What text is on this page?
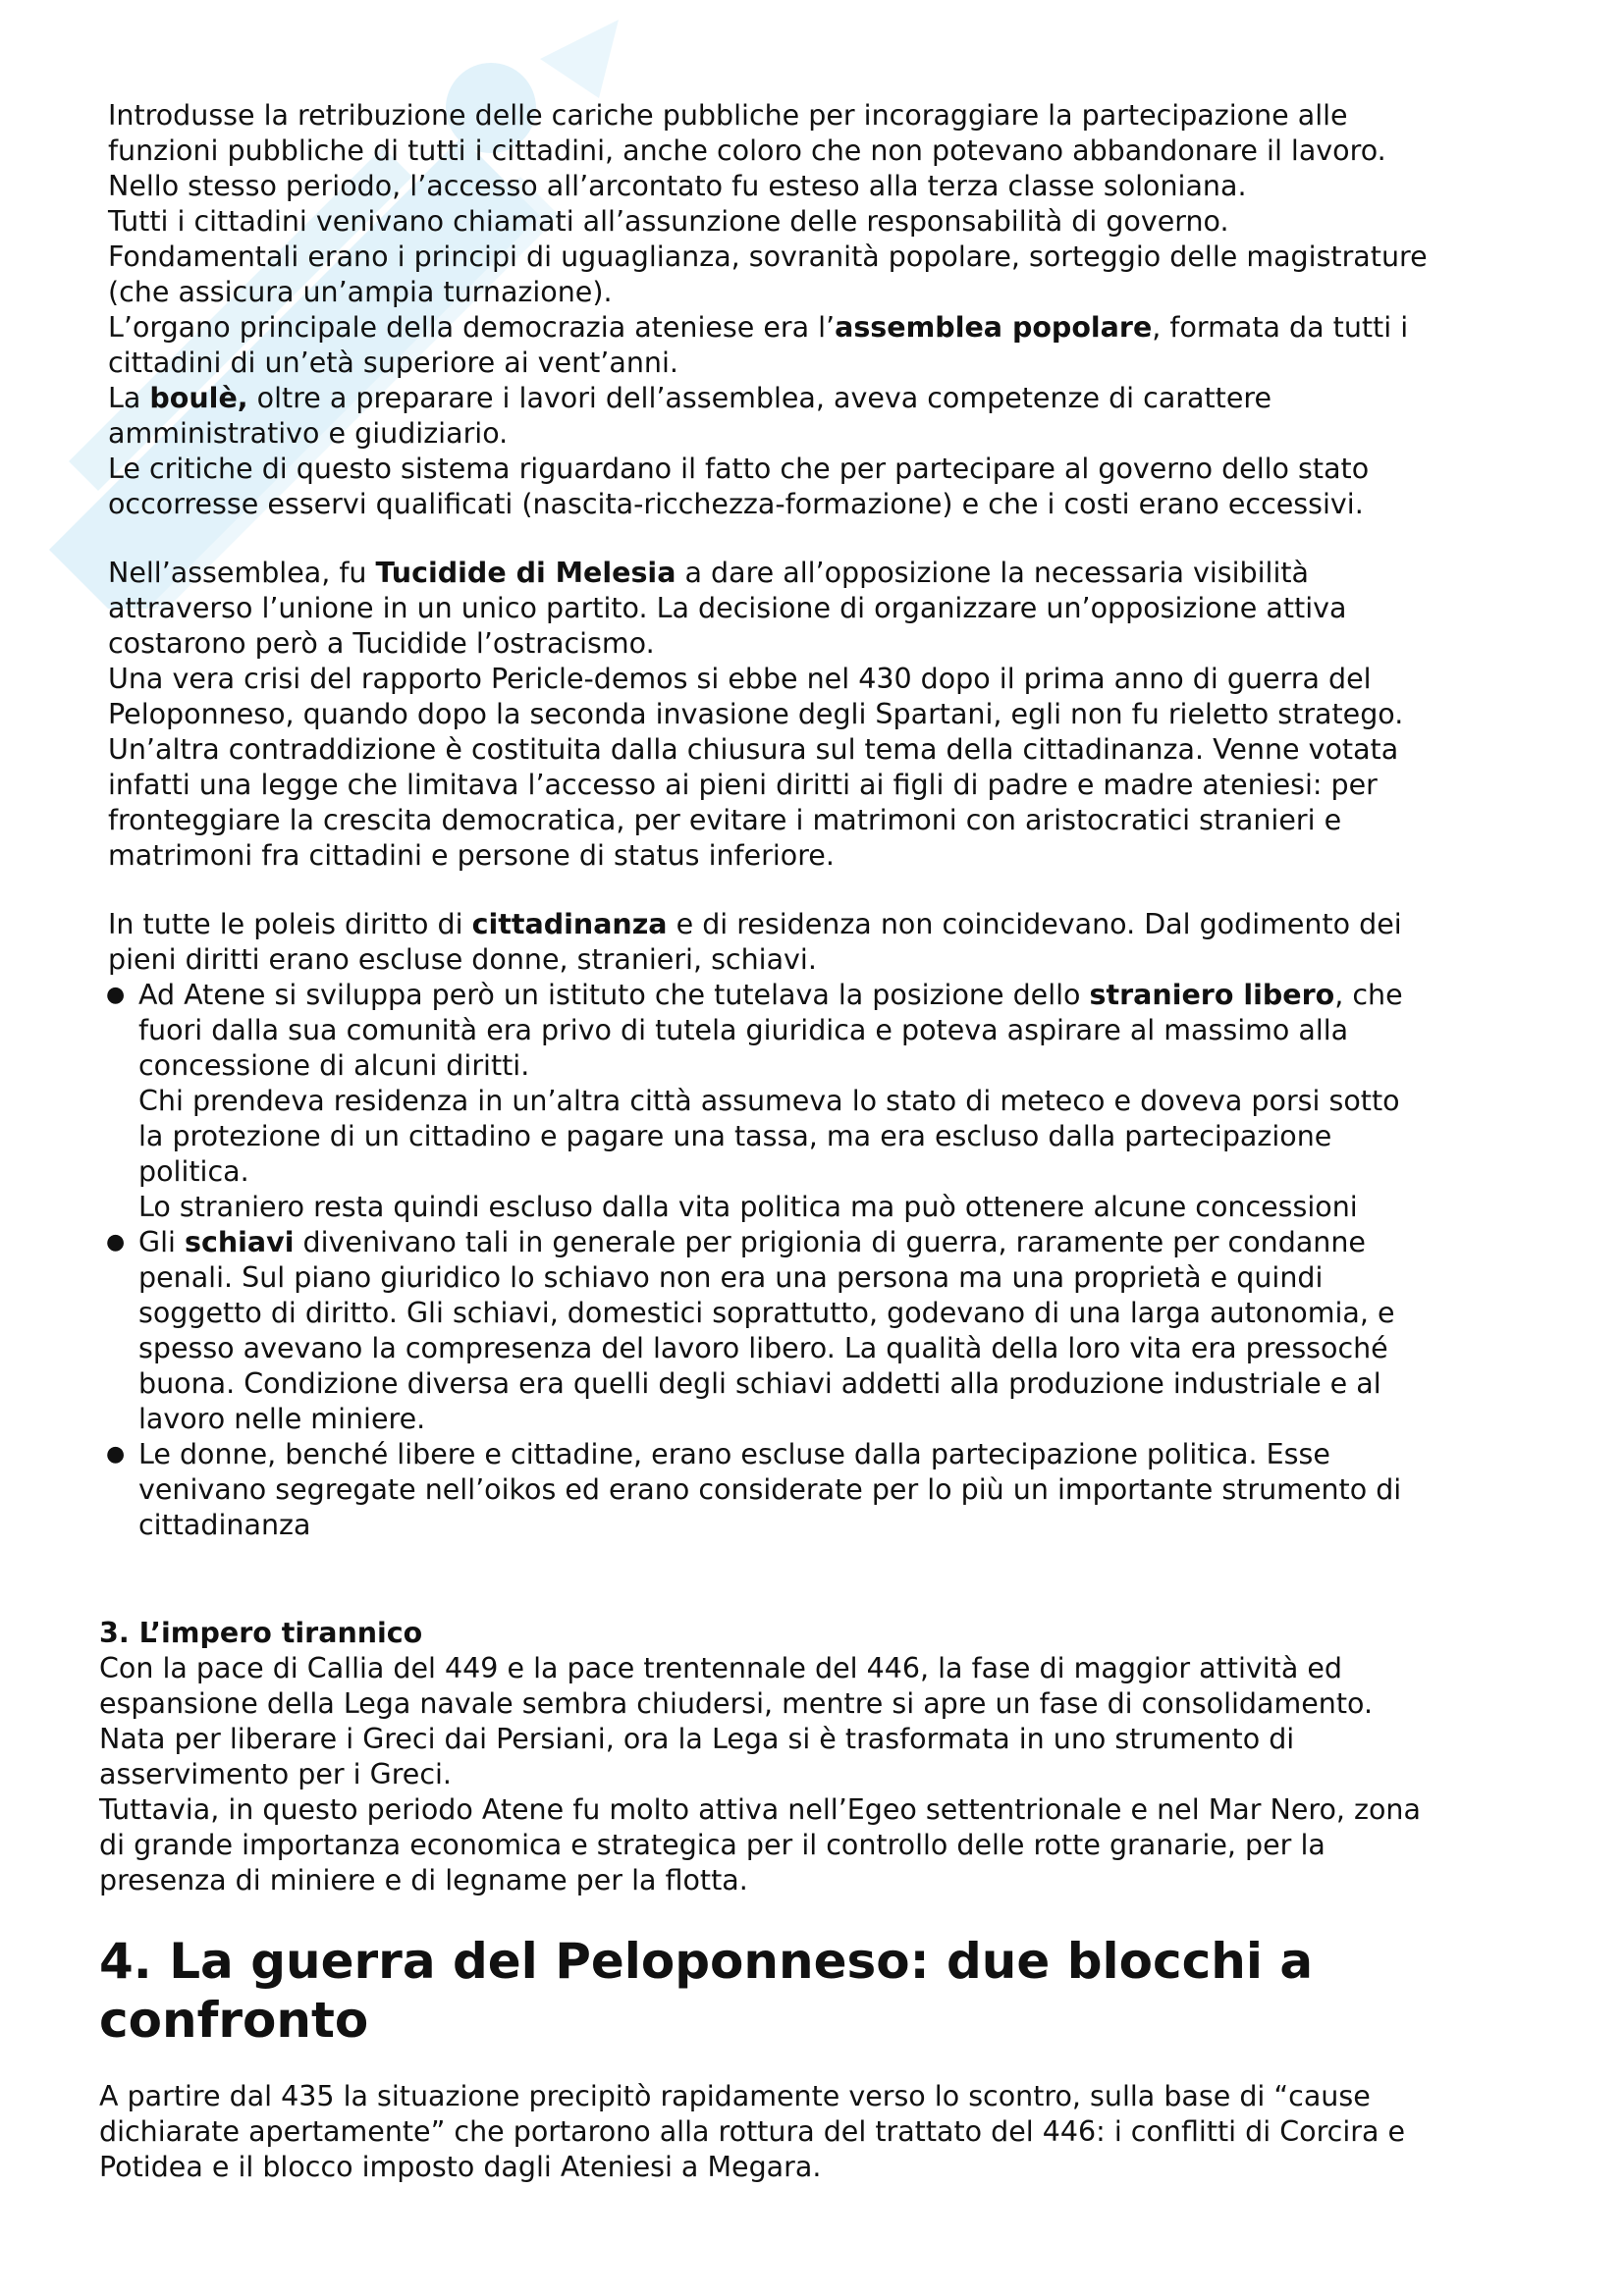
Introdusse la retribuzione delle cariche pubbliche per incoraggiare la partecipazione alle
funzioni pubbliche di tutti i cittadini, anche coloro che non potevano abbandonare il lavoro.
Nello stesso periodo, l’accesso all’arcontato fu esteso alla terza classe soloniana.
Tutti i cittadini venivano chiamati all’assunzione delle responsabilità di governo.
Fondamentali erano i principi di uguaglianza, sovranità popolare, sorteggio delle magistrature
(che assicura un’ampia turnazione).

L’organo principale della democrazia ateniese era l’assemblea popolare, formata da tutti i
cittadini di un’età superiore ai vent’anni.

La boulè, oltre a preparare i lavori dell’assemblea, aveva competenze di carattere
amministrativo e giudiziario.

Le critiche di questo sistema riguardano il fatto che per partecipare al governo dello stato
occorresse esservi qualificati (nascita-ricchezza-formazione) e che i costi erano eccessivi.

Nell’assemblea, fu Tucidide di Melesia a dare all’opposizione la necessaria visibilità
attraverso l’unione in un unico partito. La decisione di organizzare un’opposizione attiva
costarono però a Tucidide l’ostracismo.

Una vera crisi del rapporto Pericle-demos si ebbe nel 430 dopo il prima anno di guerra del
Peloponneso, quando dopo la seconda invasione degli Spartani, egli non fu rieletto stratego.
Un’altra contraddizione è costituita dalla chiusura sul tema della cittadinanza. Venne votata
infatti una legge che limitava l’accesso ai pieni diritti ai figli di padre e madre ateniesi: per
fronteggiare la crescita democratica, per evitare i matrimoni con aristocratici stranieri e
matrimoni fra cittadini e persone di status inferiore.

In tutte le poleis diritto di cittadinanza e di residenza non coincidevano. Dal godimento dei
pieni diritti erano escluse donne, stranieri, schiavi.

● Ad Atene si sviluppa però un istituto che tutelava la posizione dello straniero libero, che
fuori dalla sua comunità era privo di tutela giuridica e poteva aspirare al massimo alla
concessione di alcuni diritti.
Chi prendeva residenza in un’altra città assumeva lo stato di meteco e doveva porsi sotto
la protezione di un cittadino e pagare una tassa, ma era escluso dalla partecipazione
politica.
Lo straniero resta quindi escluso dalla vita politica ma può ottenere alcune concessioni

● Gli schiavi divenivano tali in generale per prigionia di guerra, raramente per condanne
penali. Sul piano giuridico lo schiavo non era una persona ma una proprietà e quindi
soggetto di diritto. Gli schiavi, domestici soprattutto, godevano di una larga autonomia, e
spesso avevano la compresenza del lavoro libero. La qualità della loro vita era pressoché
buona. Condizione diversa era quelli degli schiavi addetti alla produzione industriale e al
lavoro nelle miniere.

● Le donne, benché libere e cittadine, erano escluse dalla partecipazione politica. Esse
venivano segregate nell’oikos ed erano considerate per lo più un importante strumento di
cittadinanza

3. L’impero tirannico

Con la pace di Callia del 449 e la pace trentennale del 446, la fase di maggior attività ed
espansione della Lega navale sembra chiudersi, mentre si apre un fase di consolidamento.
Nata per liberare i Greci dai Persiani, ora la Lega si è trasformata in uno strumento di
asservimento per i Greci.
Tuttavia, in questo periodo Atene fu molto attiva nell’Egeo settentrionale e nel Mar Nero, zona
di grande importanza economica e strategica per il controllo delle rotte granarie, per la
presenza di miniere e di legname per la flotta.

4. La guerra del Peloponneso: due blocchi a
confronto

A partire dal 435 la situazione precipitò rapidamente verso lo scontro, sulla base di “cause
dichiarate apertamente” che portarono alla rottura del trattato del 446: i conflitti di Corcira e
Potidea e il blocco imposto dagli Ateniesi a Megara.
